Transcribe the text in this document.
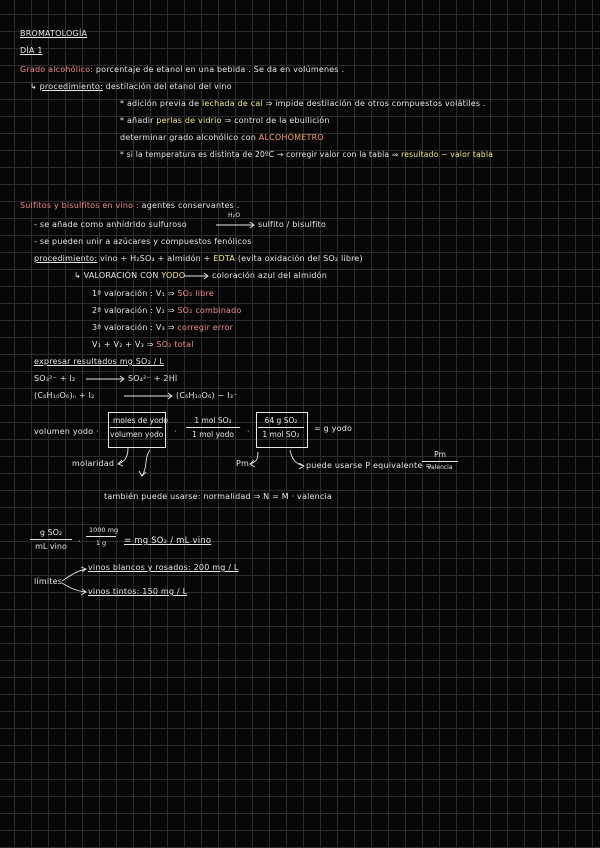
BROMATOLOGÍA
DÍA 1
Grado alcohólico: porcentaje de etanol en una bebida . Se da en volúmenes .
↳ procedimiento: destilación del etanol del vino
* adición previa de lechada de cal ⇒ impide destilación de otros compuestos volátiles .
* añadir perlas de vidrio ⇒ control de la ebullición
determinar grado alcohólico con ALCOHÓMETRO
* si la temperatura es distinta de 20ºC → corregir valor con la tabla ⇒ resultado − valor tabla
Sulfitos y bisulfitos en vino : agentes conservantes .
- se añade como anhídrido sulfuroso
H₂O
sulfito / bisulfito
- se pueden unir a azúcares y compuestos fenólicos
procedimiento: vino + H₂SO₄ + almidón + EDTA (evita oxidación del SO₂ libre)
↳ VALORACIÓN CON YODO	coloración azul del almidón
1ª valoración : V₁ ⇒ SO₂ libre
2ª valoración : V₂ ⇒ SO₂ combinado
3ª valoración : V₃ ⇒ corregir error
V₁ + V₂ + V₃ ⇒ SO₂ total
expresar resultados mg SO₂ / L
SO₃²⁻ + I₂	SO₄²⁻ + 2HI
(C₆H₁₀O₆)ₙ + I₂	(C₆H₁₀O₆) − I₃⁻
volumen yodo ·
moles de yodo
volumen yodo ·
1 mol SO₂
1 mol yodo	·
64 g SO₂
1 mol SO₂
= g yodo
molaridad	Pm	puede usarse P equivalente =
Pm
valencia
también puede usarse: normalidad ⇒ N = M · valencia
g SO₂
mL vino
· $\frac{1000 mg}{1 g}$ = mg SO₂ / mL vino
límites
vinos blancos y rosados: 200 mg / L
vinos tintos: 150 mg / L
